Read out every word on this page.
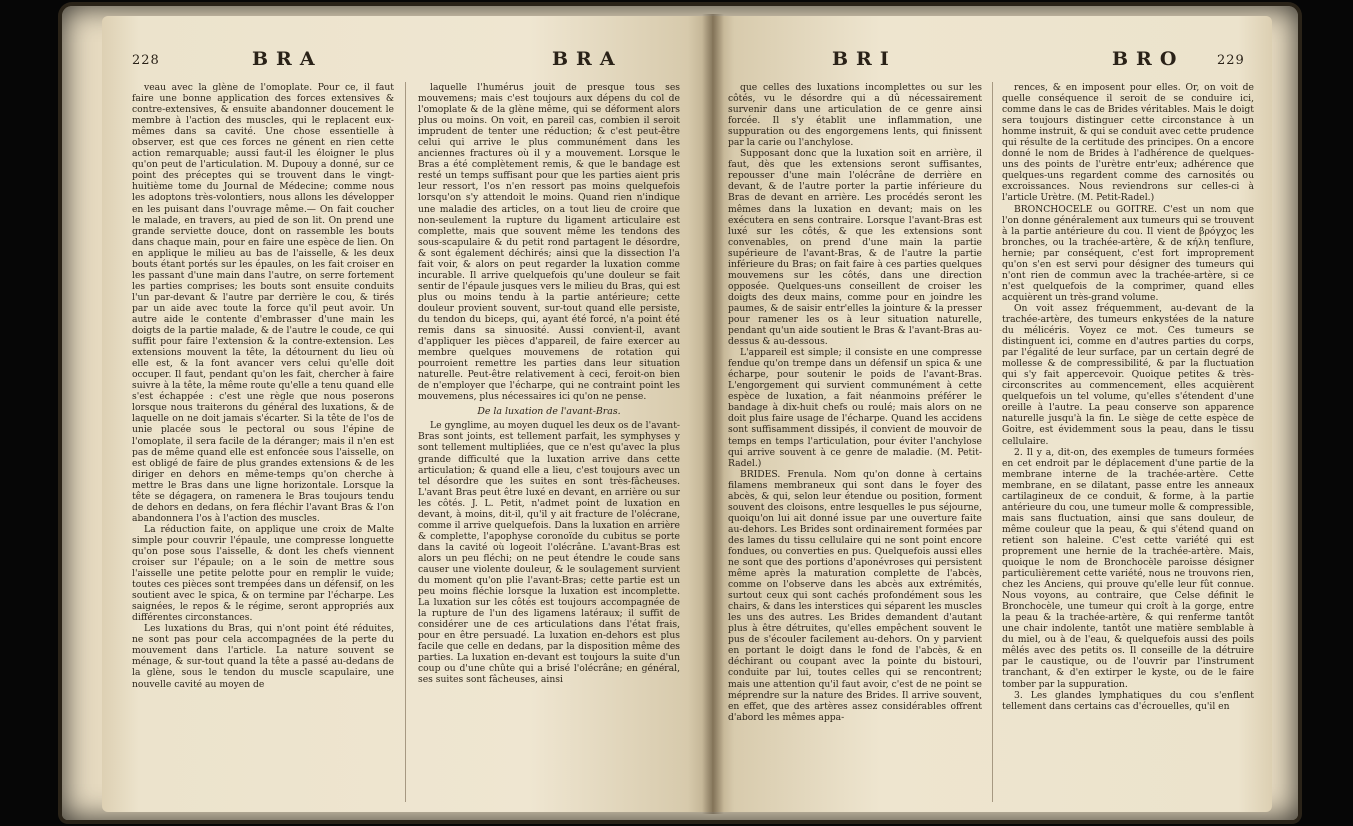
228	BRA	BRA

veau avec la glène de l'omoplate. Pour ce, il faut faire une bonne application des forces extensives & contre-extensives, & ensuite abandonner doucement le membre à l'action des muscles, qui le replacent eux-mêmes dans sa cavité. Une chose essentielle à observer, est que ces forces ne génent en rien cette action remarquable; aussi faut-il les éloigner le plus qu'on peut de l'articulation. M. Dupouy a donné, sur ce point des préceptes qui se trouvent dans le vingt-huitième tome du Journal de Médecine; comme nous les adoptons très-volontiers, nous allons les développer en les puisant dans l'ouvrage même.— On fait coucher le malade, en travers, au pied de son lit. On prend une grande serviette douce, dont on rassemble les bouts dans chaque main, pour en faire une espèce de lien. On en applique le milieu au bas de l'aisselle, & les deux bouts étant portés sur les épaules, on les fait croiser en les passant d'une main dans l'autre, on serre fortement les parties comprises; les bouts sont ensuite conduits l'un par-devant & l'autre par derrière le cou, & tirés par un aide avec toute la force qu'il peut avoir. Un autre aide le contente d'embrasser d'une main les doigts de la partie malade, & de l'autre le coude, ce qui suffit pour faire l'extension & la contre-extension. Les extensions mouvent la tête, la détournent du lieu où elle est, & la font avancer vers celui qu'elle doit occuper. Il faut, pendant qu'on les fait, chercher à faire suivre à la tête, la même route qu'elle a tenu quand elle s'est échappée : c'est une règle que nous poserons lorsque nous traiterons du général des luxations, & de laquelle on ne doit jamais s'écarter. Si la tête de l'os de unie placée sous le pectoral ou sous l'épine de l'omoplate, il sera facile de la déranger; mais il n'en est pas de même quand elle est enfoncée sous l'aisselle, on est obligé de faire de plus grandes extensions & de les diriger en dehors en même-temps qu'on cherche à mettre le Bras dans une ligne horizontale. Lorsque la tête se dégagera, on ramenera le Bras toujours tendu de dehors en dedans, on fera fléchir l'avant Bras & l'on abandonnera l'os à l'action des muscles.

La réduction faite, on applique une croix de Malte simple pour couvrir l'épaule, une compresse longuette qu'on pose sous l'aisselle, & dont les chefs viennent croiser sur l'épaule; on a le soin de mettre sous l'aisselle une petite pelotte pour en remplir le vuide; toutes ces pièces sont trempées dans un défensif, on les soutient avec le spica, & on termine par l'écharpe. Les saignées, le repos & le régime, seront appropriés aux différentes circonstances.

Les luxations du Bras, qui n'ont point été réduites, ne sont pas pour cela accompagnées de la perte du mouvement dans l'article. La nature souvent se ménage, & sur-tout quand la tête a passé au-dedans de la glène, sous le tendon du muscle scapulaire, une nouvelle cavité au moyen de

laquelle l'humérus jouit de presque tous ses mouvemens; mais c'est toujours aux dépens du col de l'omoplate & de la glène même, qui se déforment alors plus ou moins. On voit, en pareil cas, combien il seroit imprudent de tenter une réduction; & c'est peut-être celui qui arrive le plus communément dans les anciennes fractures où il y a mouvement. Lorsque le Bras a été complètement remis, & que le bandage est resté un temps suffisant pour que les parties aient pris leur ressort, l'os n'en ressort pas moins quelquefois lorsqu'on s'y attendoit le moins. Quand rien n'indique une maladie des articles, on a tout lieu de croire que non-seulement la rupture du ligament articulaire est complette, mais que souvent même les tendons des sous-scapulaire & du petit rond partagent le désordre, & sont également déchirés; ainsi que la dissection l'a fait voir, & alors on peut regarder la luxation comme incurable. Il arrive quelquefois qu'une douleur se fait sentir de l'épaule jusques vers le milieu du Bras, qui est plus ou moins tendu à la partie antérieure; cette douleur provient souvent, sur-tout quand elle persiste, du tendon du biceps, qui, ayant été forcé, n'a point été remis dans sa sinuosité. Aussi convient-il, avant d'appliquer les pièces d'appareil, de faire exercer au membre quelques mouvemens de rotation qui pourroient remettre les parties dans leur situation naturelle. Peut-être relativement à ceci, feroit-on bien de n'employer que l'écharpe, qui ne contraint point les mouvemens, plus nécessaires ici qu'on ne pense.

De la luxation de l'avant-Bras.

Le gynglime, au moyen duquel les deux os de l'avant-Bras sont joints, est tellement parfait, les symphyses y sont tellement multipliées, que ce n'est qu'avec la plus grande difficulté que la luxation arrive dans cette articulation; & quand elle a lieu, c'est toujours avec un tel désordre que les suites en sont très-fâcheuses. L'avant Bras peut être luxé en devant, en arrière ou sur les côtés. J. L. Petit, n'admet point de luxation en devant, à moins, dit-il, qu'il y ait fracture de l'olécrane, comme il arrive quelquefois. Dans la luxation en arrière & complette, l'apophyse coronoïde du cubitus se porte dans la cavité où logeoit l'olécrâne. L'avant-Bras est alors un peu fléchi; on ne peut étendre le coude sans causer une violente douleur, & le soulagement survient du moment qu'on plie l'avant-Bras; cette partie est un peu moins fléchie lorsque la luxation est incomplette. La luxation sur les côtés est toujours accompagnée de la rupture de l'un des ligamens latéraux; il suffit de considérer une de ces articulations dans l'état frais, pour en être persuadé. La luxation en-dehors est plus facile que celle en dedans, par la disposition même des parties. La luxation en-devant est toujours la suite d'un coup ou d'une chûte qui a brisé l'olécrâne; en général, ses suites sont fâcheuses, ainsi

BRI	BRO	229

que celles des luxations incomplettes ou sur les côtés, vu le désordre qui a dû nécessairement survenir dans une articulation de ce genre ainsi forcée. Il s'y établit une inflammation, une suppuration ou des engorgemens lents, qui finissent par la carie ou l'anchylose.

Supposant donc que la luxation soit en arrière, il faut, dès que les extensions seront suffisantes, repousser d'une main l'olécrâne de derrière en devant, & de l'autre porter la partie inférieure du Bras de devant en arrière. Les procédés seront les mêmes dans la luxation en devant; mais on les exécutera en sens contraire. Lorsque l'avant-Bras est luxé sur les côtés, & que les extensions sont convenables, on prend d'une main la partie supérieure de l'avant-Bras, & de l'autre la partie inférieure du Bras; on fait faire à ces parties quelques mouvemens sur les côtés, dans une direction opposée. Quelques-uns conseillent de croiser les doigts des deux mains, comme pour en joindre les paumes, & de saisir entr'elles la jointure & la presser pour ramener les os à leur situation naturelle, pendant qu'un aide soutient le Bras & l'avant-Bras au-dessus & au-dessous.

L'appareil est simple; il consiste en une compresse fendue qu'on trempe dans un défensif un spica & une écharpe, pour soutenir le poids de l'avant-Bras. L'engorgement qui survient communément à cette espèce de luxation, a fait néanmoins préférer le bandage à dix-huit chefs ou roulé; mais alors on ne doit plus faire usage de l'écharpe. Quand les accidens sont suffisamment dissipés, il convient de mouvoir de temps en temps l'articulation, pour éviter l'anchylose qui arrive souvent à ce genre de maladie. (M. Petit-Radel.)

BRIDES. Frenula. Nom qu'on donne à certains filamens membraneux qui sont dans le foyer des abcès, & qui, selon leur étendue ou position, forment souvent des cloisons, entre lesquelles le pus séjourne, quoiqu'on lui ait donné issue par une ouverture faite au-dehors. Les Brides sont ordinairement formées par des lames du tissu cellulaire qui ne sont point encore fondues, ou converties en pus. Quelquefois aussi elles ne sont que des portions d'aponévroses qui persistent même après la maturation complette de l'abcès, comme on l'observe dans les abcès aux extrémités, surtout ceux qui sont cachés profondément sous les chairs, & dans les interstices qui séparent les muscles les uns des autres. Les Brides demandent d'autant plus à être détruites, qu'elles empêchent souvent le pus de s'écouler facilement au-dehors. On y parvient en portant le doigt dans le fond de l'abcès, & en déchirant ou coupant avec la pointe du bistouri, conduite par lui, toutes celles qui se rencontrent; mais une attention qu'il faut avoir, c'est de ne point se méprendre sur la nature des Brides. Il arrive souvent, en effet, que des artères assez considérables offrent d'abord les mêmes appa-

rences, & en imposent pour elles. Or, on voit de quelle conséquence il seroit de se conduire ici, comme dans le cas de Brides véritables. Mais le doigt sera toujours distinguer cette circonstance à un homme instruit, & qui se conduit avec cette prudence qui résulte de la certitude des principes. On a encore donné le nom de Brides à l'adhérence de quelques-uns des points de l'urètre entr'eux; adhérence que quelques-uns regardent comme des carnosités ou excroissances. Nous reviendrons sur celles-ci à l'article Urètre. (M. Petit-Radel.)

BRONCHOCELE ou GOITRE. C'est un nom que l'on donne généralement aux tumeurs qui se trouvent à la partie antérieure du cou. Il vient de βρόγχος les bronches, ou la trachée-artère, & de κήλη tenflure, hernie; par conséquent, c'est fort improprement qu'on s'en est servi pour désigner des tumeurs qui n'ont rien de commun avec la trachée-artère, si ce n'est quelquefois de la comprimer, quand elles acquièrent un très-grand volume.

On voit assez fréquemment, au-devant de la trachée-artère, des tumeurs enkystées de la nature du mélicéris. Voyez ce mot. Ces tumeurs se distinguent ici, comme en d'autres parties du corps, par l'égalité de leur surface, par un certain degré de mollesse & de compressibilité, & par la fluctuation qui s'y fait appercevoir. Quoique petites & très-circonscrites au commencement, elles acquièrent quelquefois un tel volume, qu'elles s'étendent d'une oreille à l'autre. La peau conserve son apparence naturelle jusqu'à la fin. Le siège de cette espèce de Goitre, est évidemment sous la peau, dans le tissu cellulaire.

2. Il y a, dit-on, des exemples de tumeurs formées en cet endroit par le déplacement d'une partie de la membrane interne de la trachée-artère. Cette membrane, en se dilatant, passe entre les anneaux cartilagineux de ce conduit, & forme, à la partie antérieure du cou, une tumeur molle & compressible, mais sans fluctuation, ainsi que sans douleur, de même couleur que la peau, & qui s'étend quand on retient son haleine. C'est cette variété qui est proprement une hernie de la trachée-artère. Mais, quoique le nom de Bronchocèle paroisse désigner particulièrement cette variété, nous ne trouvons rien, chez les Anciens, qui prouve qu'elle leur fût connue. Nous voyons, au contraire, que Celse définit le Bronchocèle, une tumeur qui croît à la gorge, entre la peau & la trachée-artère, & qui renferme tantôt une chair indolente, tantôt une matière semblable à du miel, ou à de l'eau, & quelquefois aussi des poils mêlés avec des petits os. Il conseille de la détruire par le caustique, ou de l'ouvrir par l'instrument tranchant, & d'en extirper le kyste, ou de le faire tomber par la suppuration.

3. Les glandes lymphatiques du cou s'enflent tellement dans certains cas d'écrouelles, qu'il en
